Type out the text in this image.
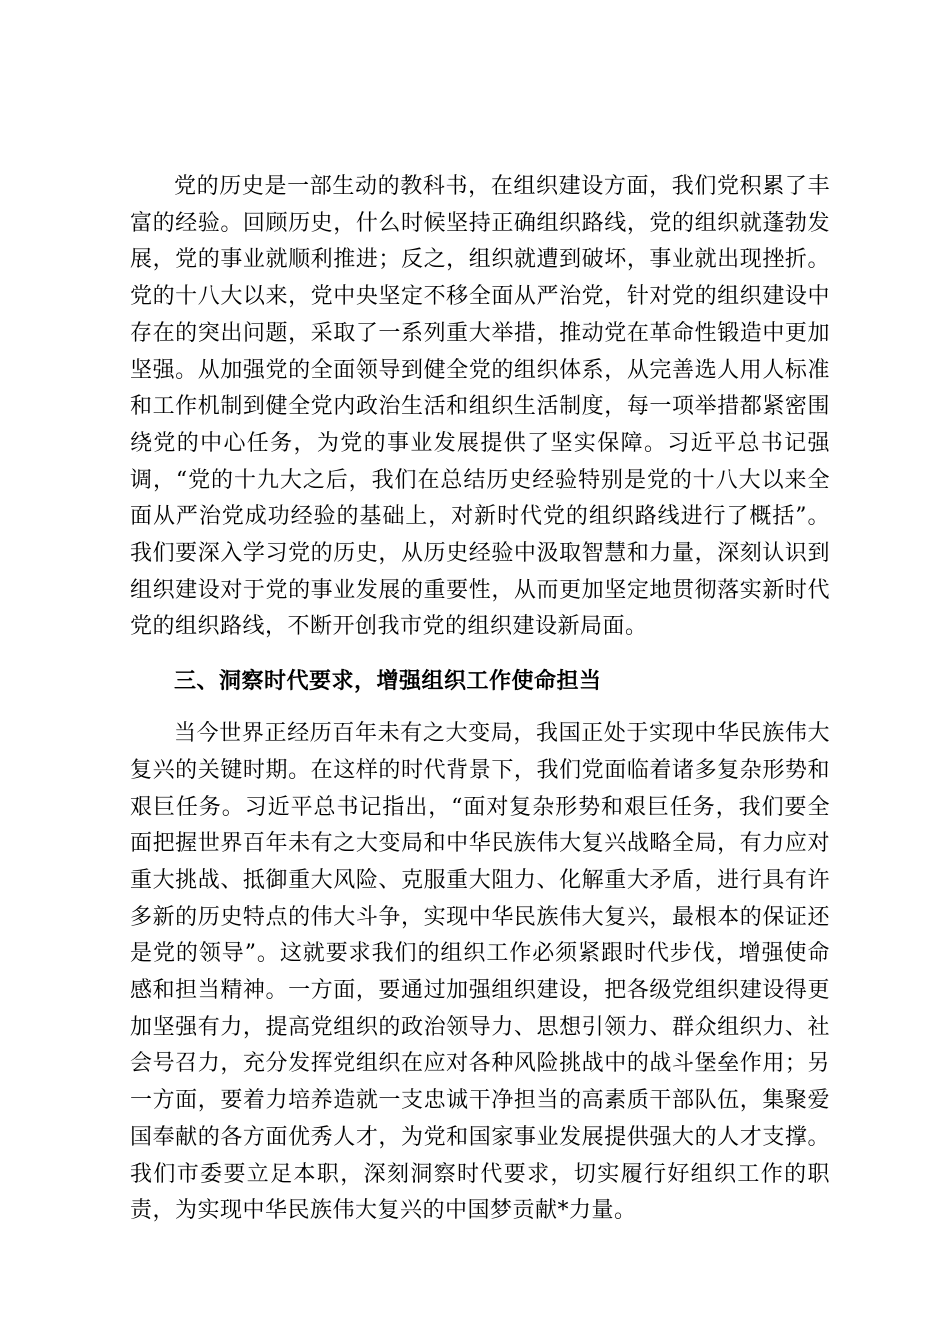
党的历史是一部生动的教科书，在组织建设方面，我们党积累了丰富的经验。回顾历史，什么时候坚持正确组织路线，党的组织就蓬勃发展，党的事业就顺利推进；反之，组织就遭到破坏，事业就出现挫折。党的十八大以来，党中央坚定不移全面从严治党，针对党的组织建设中存在的突出问题，采取了一系列重大举措，推动党在革命性锻造中更加坚强。从加强党的全面领导到健全党的组织体系，从完善选人用人标准和工作机制到健全党内政治生活和组织生活制度，每一项举措都紧密围绕党的中心任务，为党的事业发展提供了坚实保障。习近平总书记强调，“党的十九大之后，我们在总结历史经验特别是党的十八大以来全面从严治党成功经验的基础上，对新时代党的组织路线进行了概括”。我们要深入学习党的历史，从历史经验中汲取智慧和力量，深刻认识到组织建设对于党的事业发展的重要性，从而更加坚定地贯彻落实新时代党的组织路线，不断开创我市党的组织建设新局面。

三、洞察时代要求，增强组织工作使命担当

当今世界正经历百年未有之大变局，我国正处于实现中华民族伟大复兴的关键时期。在这样的时代背景下，我们党面临着诸多复杂形势和艰巨任务。习近平总书记指出，“面对复杂形势和艰巨任务，我们要全面把握世界百年未有之大变局和中华民族伟大复兴战略全局，有力应对重大挑战、抵御重大风险、克服重大阻力、化解重大矛盾，进行具有许多新的历史特点的伟大斗争，实现中华民族伟大复兴，最根本的保证还是党的领导”。这就要求我们的组织工作必须紧跟时代步伐，增强使命感和担当精神。一方面，要通过加强组织建设，把各级党组织建设得更加坚强有力，提高党组织的政治领导力、思想引领力、群众组织力、社会号召力，充分发挥党组织在应对各种风险挑战中的战斗堡垒作用；另一方面，要着力培养造就一支忠诚干净担当的高素质干部队伍，集聚爱国奉献的各方面优秀人才，为党和国家事业发展提供强大的人才支撑。我们市委要立足本职，深刻洞察时代要求，切实履行好组织工作的职责，为实现中华民族伟大复兴的中国梦贡献*力量。
